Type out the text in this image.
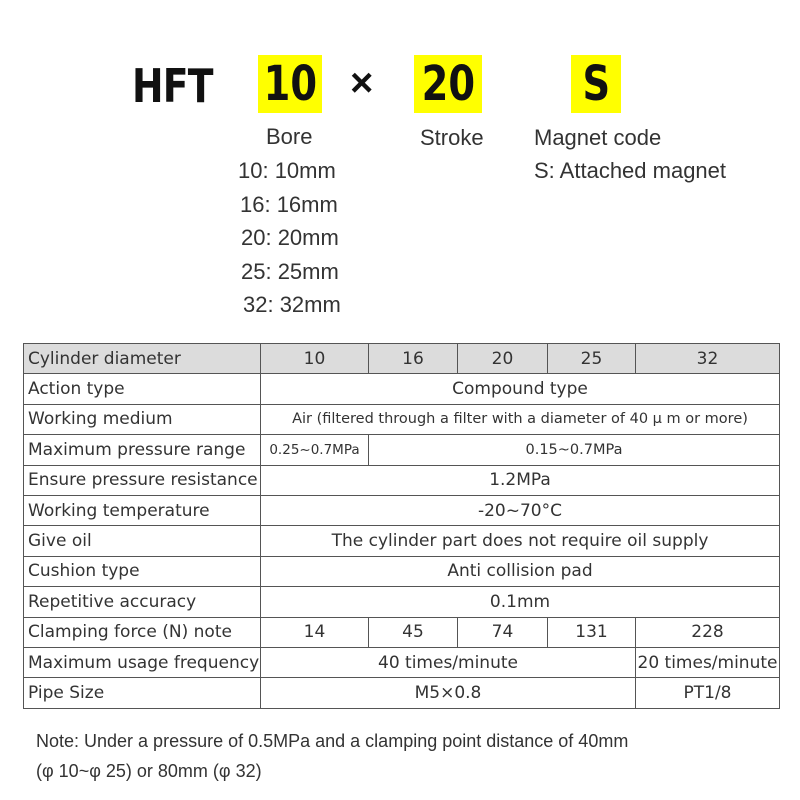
HFT 10 × 20 S
Bore
10: 10mm
16: 16mm
20: 20mm
25: 25mm
32: 32mm
Stroke Magnet code
S: Attached magnet
Cylinder diameter	10	16	20	25	32
Action type	Compound type				
Working medium	Air (filtered through a filter with a diameter of 40 μ m or more)				
Maximum pressure range	0.25~0.7MPa	0.15~0.7MPa			
Ensure pressure resistance	1.2MPa				
Working temperature	-20~70°C				
Give oil	The cylinder part does not require oil supply				
Cushion type	Anti collision pad				
Repetitive accuracy	0.1mm				
Clamping force (N) note	14	45	74	131	228
Maximum usage frequency	40 times/minute				20 times/minute
Pipe Size	M5×0.8				PT1/8
Note: Under a pressure of 0.5MPa and a clamping point distance of 40mm
(φ 10~φ 25) or 80mm (φ 32)
